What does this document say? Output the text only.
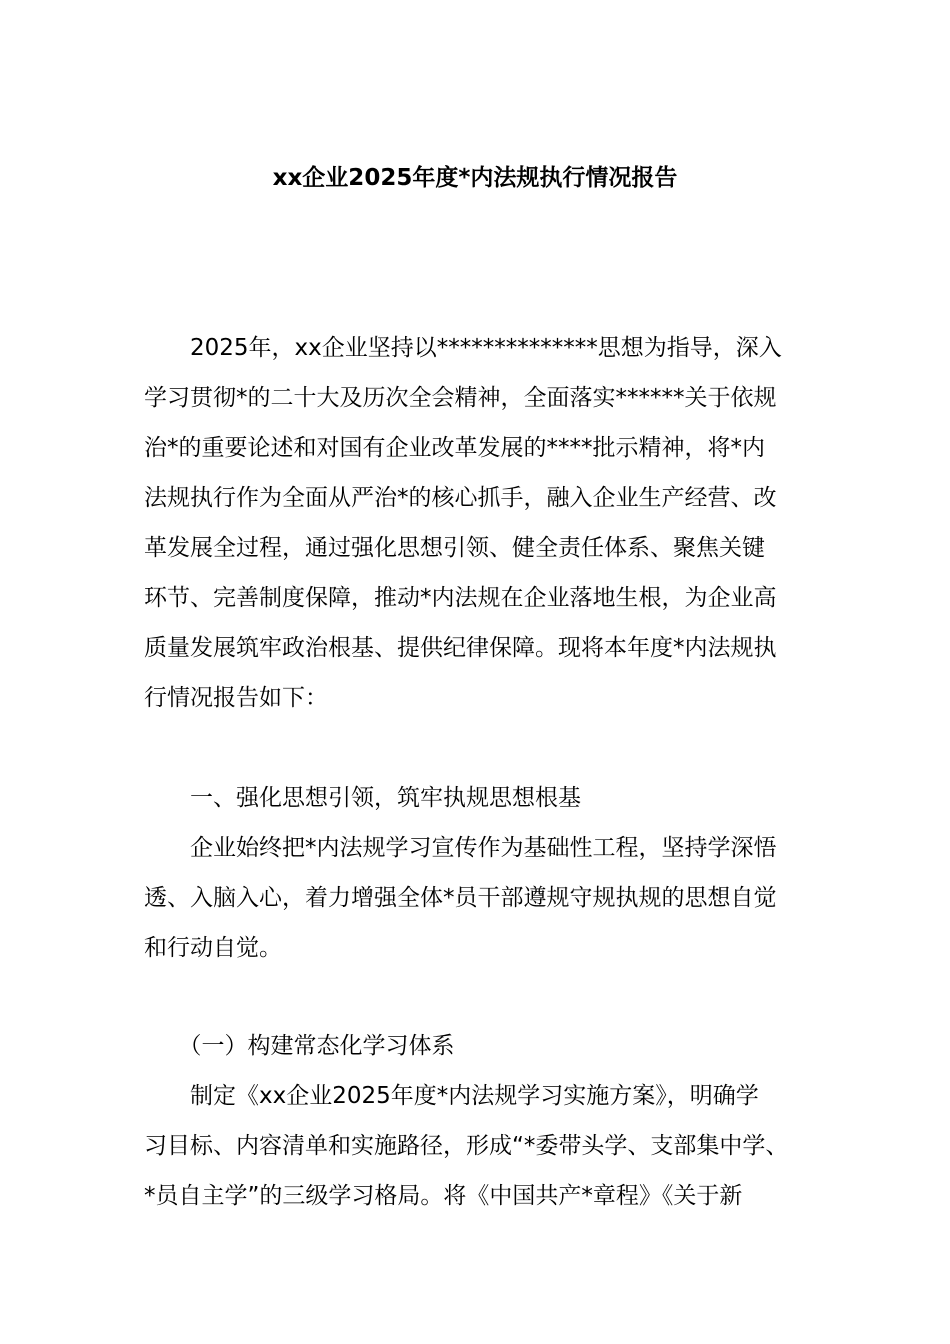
xx企业2025年度*内法规执行情况报告
　　2025年，xx企业坚持以**************思想为指导，深入
学习贯彻*的二十大及历次全会精神，全面落实******关于依规
治*的重要论述和对国有企业改革发展的****批示精神，将*内
法规执行作为全面从严治*的核心抓手，融入企业生产经营、改
革发展全过程，通过强化思想引领、健全责任体系、聚焦关键
环节、完善制度保障，推动*内法规在企业落地生根，为企业高
质量发展筑牢政治根基、提供纪律保障。现将本年度*内法规执
行情况报告如下：
　　一、强化思想引领，筑牢执规思想根基
　　企业始终把*内法规学习宣传作为基础性工程，坚持学深悟
透、入脑入心，着力增强全体*员干部遵规守规执规的思想自觉
和行动自觉。
　　（一）构建常态化学习体系
　　制定《xx企业2025年度*内法规学习实施方案》，明确学
习目标、内容清单和实施路径，形成“*委带头学、支部集中学、
*员自主学”的三级学习格局。将《中国共产*章程》《关于新
